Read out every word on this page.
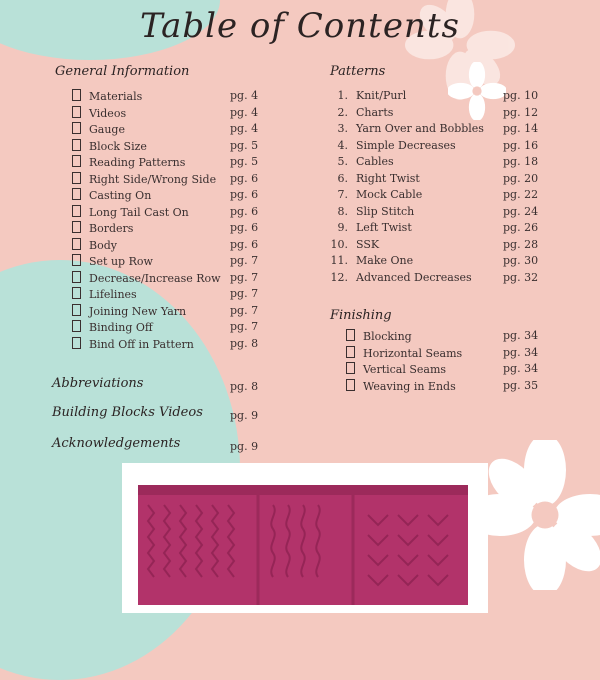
Table of Contents
General Information
Materials	pg. 4
Videos	pg. 4
Gauge	pg. 4
Block Size	pg. 5
Reading Patterns	pg. 5
Right Side/Wrong Side pg. 6
Casting On	pg. 6
Long Tail Cast On	pg. 6
Borders	pg. 6
Body	pg. 6
Set up Row	pg. 7
Decrease/Increase Row pg. 7
Lifelines	pg. 7
Joining New Yarn	pg. 7
Binding Off	pg. 7
Bind Off in Pattern	pg. 8
Abbreviations	pg. 8
Building Blocks Videos pg. 9
Acknowledgements	pg. 9
Patterns
1. Knit/Purl	pg. 10
2. Charts	pg. 12
3. Yarn Over and Bobbles pg. 14
4. Simple Decreases	pg. 16
5. Cables	pg. 18
6. Right Twist	pg. 20
7. Mock Cable	pg. 22
8. Slip Stitch	pg. 24
9. Left Twist	pg. 26
10. SSK	pg. 28
11. Make One	pg. 30
12. Advanced Decreases	pg. 32
Finishing
Blocking	pg. 34
Horizontal Seams	pg. 34
Vertical Seams	pg. 34
Weaving in Ends	pg. 35
